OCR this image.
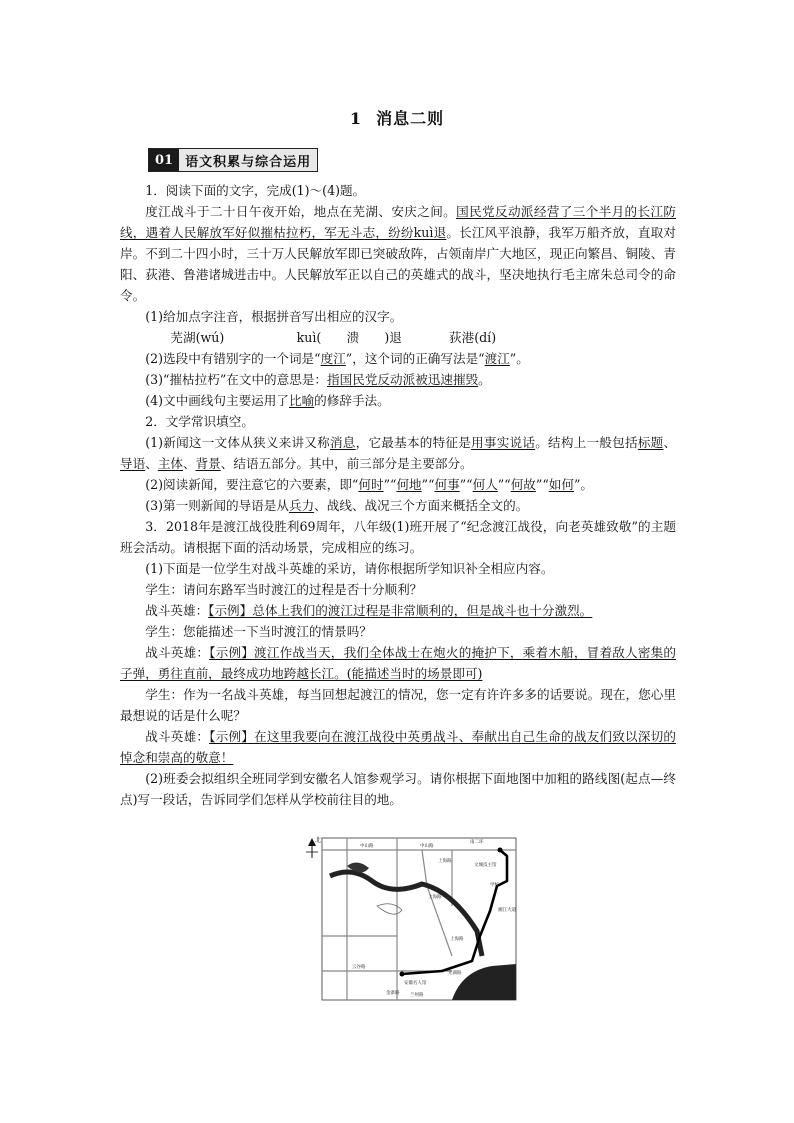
1 消息二则
01 语文积累与综合运用

1．阅读下面的文字，完成(1)～(4)题。

度江战斗于二十日午夜开始，地点在芜湖、安庆之间。国民党反动派经营了三个半月的长江防线，遇着人民解放军好似摧枯拉朽，军无斗志，纷纷kuì退。长江风平浪静，我军万船齐放，直取对岸。不到二十四小时，三十万人民解放军即已突破敌阵，占领南岸广大地区，现正向繁昌、铜陵、青阳、荻港、鲁港诸城进击中。人民解放军正以自己的英雄式的战斗，坚决地执行毛主席朱总司令的命令。

(1)给加点字注音，根据拼音写出相应的汉字。

芜湖(wú)	kuì( 溃 )退	荻港(dí)

(2)选段中有错别字的一个词是“度江”，这个词的正确写法是“渡江”。

(3)“摧枯拉朽”在文中的意思是：指国民党反动派被迅速摧毁。

(4)文中画线句主要运用了比喻的修辞手法。

2．文学常识填空。

(1)新闻这一文体从狭义来讲又称消息，它最基本的特征是用事实说话。结构上一般包括标题、导语、主体、背景、结语五部分。其中，前三部分是主要部分。

(2)阅读新闻，要注意它的六要素，即“何时”“何地”“何事”“何人”“何故”“如何”。

(3)第一则新闻的导语是从兵力、战线、战况三个方面来概括全文的。

3．2018年是渡江战役胜利69周年，八年级(1)班开展了“纪念渡江战役，向老英雄致敬”的主题班会活动。请根据下面的活动场景，完成相应的练习。

(1)下面是一位学生对战斗英雄的采访，请你根据所学知识补全相应内容。

学生：请问东路军当时渡江的过程是否十分顺利？

战斗英雄：【示例】总体上我们的渡江过程是非常顺利的，但是战斗也十分激烈。

学生：您能描述一下当时渡江的情景吗？

战斗英雄：【示例】渡江作战当天，我们全体战士在炮火的掩护下，乘着木船，冒着敌人密集的子弹，勇往直前，最终成功地跨越长江。(能描述当时的场景即可)

学生：作为一名战斗英雄，每当回想起渡江的情况，您一定有许许多多的话要说。现在，您心里最想说的话是什么呢？

战斗英雄：【示例】在这里我要向在渡江战役中英勇战斗、奉献出自己生命的战友们致以深切的悼念和崇高的敬意！

(2)班委会拟组织全班同学到安徽名人馆参观学习。请你根据下面地图中加粗的路线图(起点—终点)写一段话，告诉同学们怎样从学校前往目的地。

北
中山路	中山路
上海路
上海路
上海路
学校
文城技主馆
湘江大道
云谷路
安徽名人馆
金寨路 兰州路
芜湖路
南二环
